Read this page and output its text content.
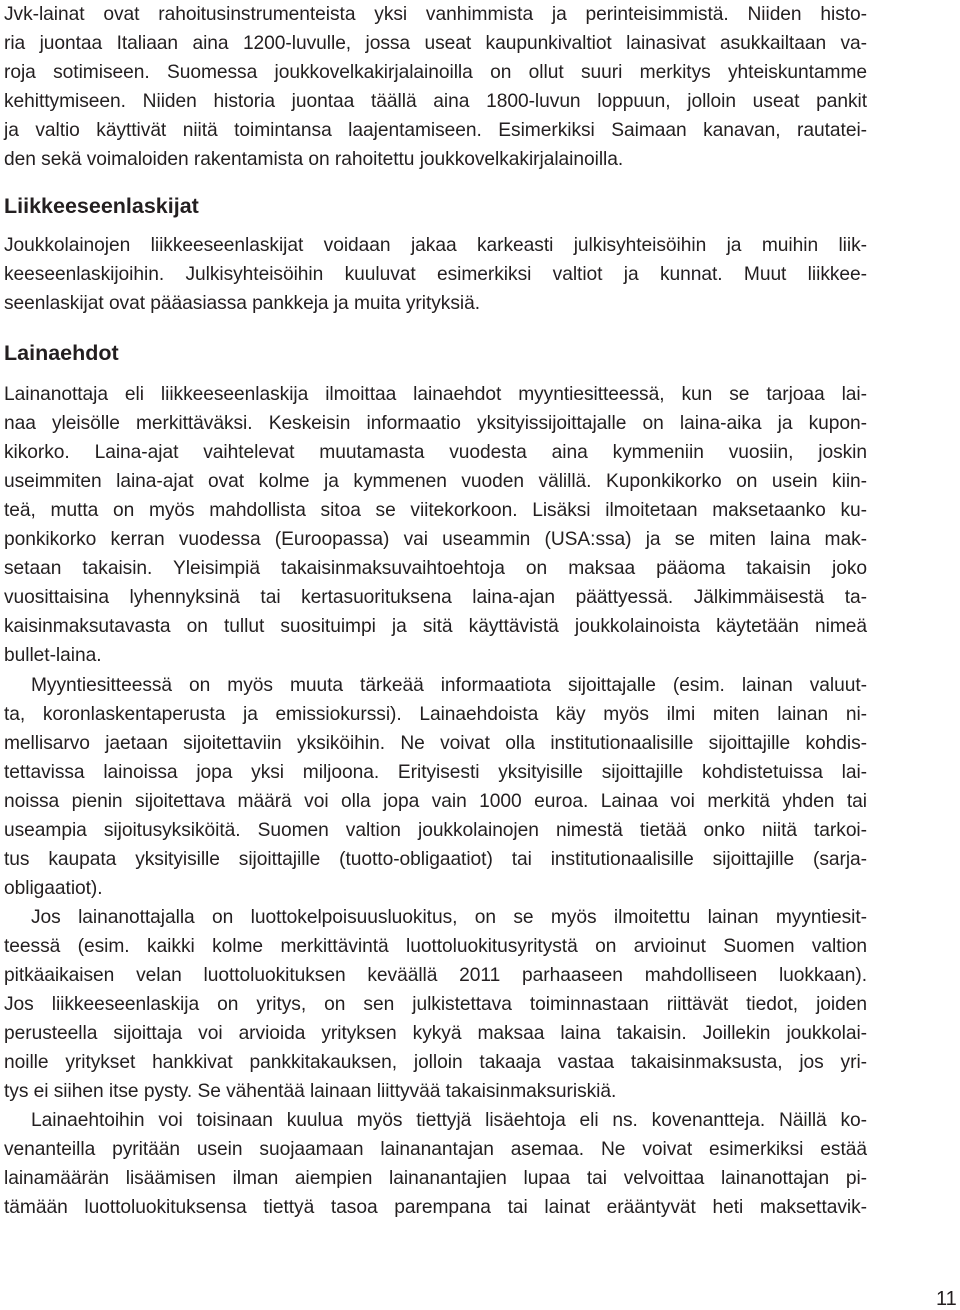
Jvk-lainat ovat rahoitusinstrumenteista yksi vanhimmista ja perinteisimmistä. Niiden histo-
ria juontaa Italiaan aina 1200-luvulle, jossa useat kaupunkivaltiot lainasivat asukkailtaan va-
roja sotimiseen. Suomessa joukkovelkakirjalainoilla on ollut suuri merkitys yhteiskuntamme
kehittymiseen. Niiden historia juontaa täällä aina 1800-luvun loppuun, jolloin useat pankit
ja valtio käyttivät niitä toimintansa laajentamiseen. Esimerkiksi Saimaan kanavan, rautatei-
den sekä voimaloiden rakentamista on rahoitettu joukkovelkakirjalainoilla.
Liikkeeseenlaskijat
Joukkolainojen liikkeeseenlaskijat voidaan jakaa karkeasti julkisyhteisöihin ja muihin liik-
keeseenlaskijoihin. Julkisyhteisöihin kuuluvat esimerkiksi valtiot ja kunnat. Muut liikkee-
seenlaskijat ovat pääasiassa pankkeja ja muita yrityksiä.
Lainaehdot
Lainanottaja eli liikkeeseenlaskija ilmoittaa lainaehdot myyntiesitteessä, kun se tarjoaa lai-
naa yleisölle merkittäväksi. Keskeisin informaatio yksityissijoittajalle on laina-aika ja kupon-
kikorko. Laina-ajat vaihtelevat muutamasta vuodesta aina kymmeniin vuosiin, joskin
useimmiten laina-ajat ovat kolme ja kymmenen vuoden välillä. Kuponkikorko on usein kiin-
teä, mutta on myös mahdollista sitoa se viitekorkoon. Lisäksi ilmoitetaan maksetaanko ku-
ponkikorko kerran vuodessa (Euroopassa) vai useammin (USA:ssa) ja se miten laina mak-
setaan takaisin. Yleisimpiä takaisinmaksuvaihtoehtoja on maksaa pääoma takaisin joko
vuosittaisina lyhennyksinä tai kertasuorituksena laina-ajan päättyessä. Jälkimmäisestä ta-
kaisinmaksutavasta on tullut suosituimpi ja sitä käyttävistä joukkolainoista käytetään nimeä
bullet-laina.
Myyntiesitteessä on myös muuta tärkeää informaatiota sijoittajalle (esim. lainan valuut-
ta, koronlaskentaperusta ja emissiokurssi). Lainaehdoista käy myös ilmi miten lainan ni-
mellisarvo jaetaan sijoitettaviin yksiköihin. Ne voivat olla institutionaalisille sijoittajille kohdis-
tettavissa lainoissa jopa yksi miljoona. Erityisesti yksityisille sijoittajille kohdistetuissa lai-
noissa pienin sijoitettava määrä voi olla jopa vain 1000 euroa. Lainaa voi merkitä yhden tai
useampia sijoitusyksiköitä. Suomen valtion joukkolainojen nimestä tietää onko niitä tarkoi-
tus kaupata yksityisille sijoittajille (tuotto-obligaatiot) tai institutionaalisille sijoittajille (sarja-
obligaatiot).
Jos lainanottajalla on luottokelpoisuusluokitus, on se myös ilmoitettu lainan myyntiesit-
teessä (esim. kaikki kolme merkittävintä luottoluokitusyritystä on arvioinut Suomen valtion
pitkäaikaisen velan luottoluokituksen keväällä 2011 parhaaseen mahdolliseen luokkaan).
Jos liikkeeseenlaskija on yritys, on sen julkistettava toiminnastaan riittävät tiedot, joiden
perusteella sijoittaja voi arvioida yrityksen kykyä maksaa laina takaisin. Joillekin joukkolai-
noille yritykset hankkivat pankkitakauksen, jolloin takaaja vastaa takaisinmaksusta, jos yri-
tys ei siihen itse pysty. Se vähentää lainaan liittyvää takaisinmaksuriskiä.
Lainaehtoihin voi toisinaan kuulua myös tiettyjä lisäehtoja eli ns. kovenantteja. Näillä ko-
venanteilla pyritään usein suojaamaan lainanantajan asemaa. Ne voivat esimerkiksi estää
lainamäärän lisäämisen ilman aiempien lainanantajien lupaa tai velvoittaa lainanottajan pi-
tämään luottoluokituksensa tiettyä tasoa parempana tai lainat erääntyvät heti maksettavik-
11
